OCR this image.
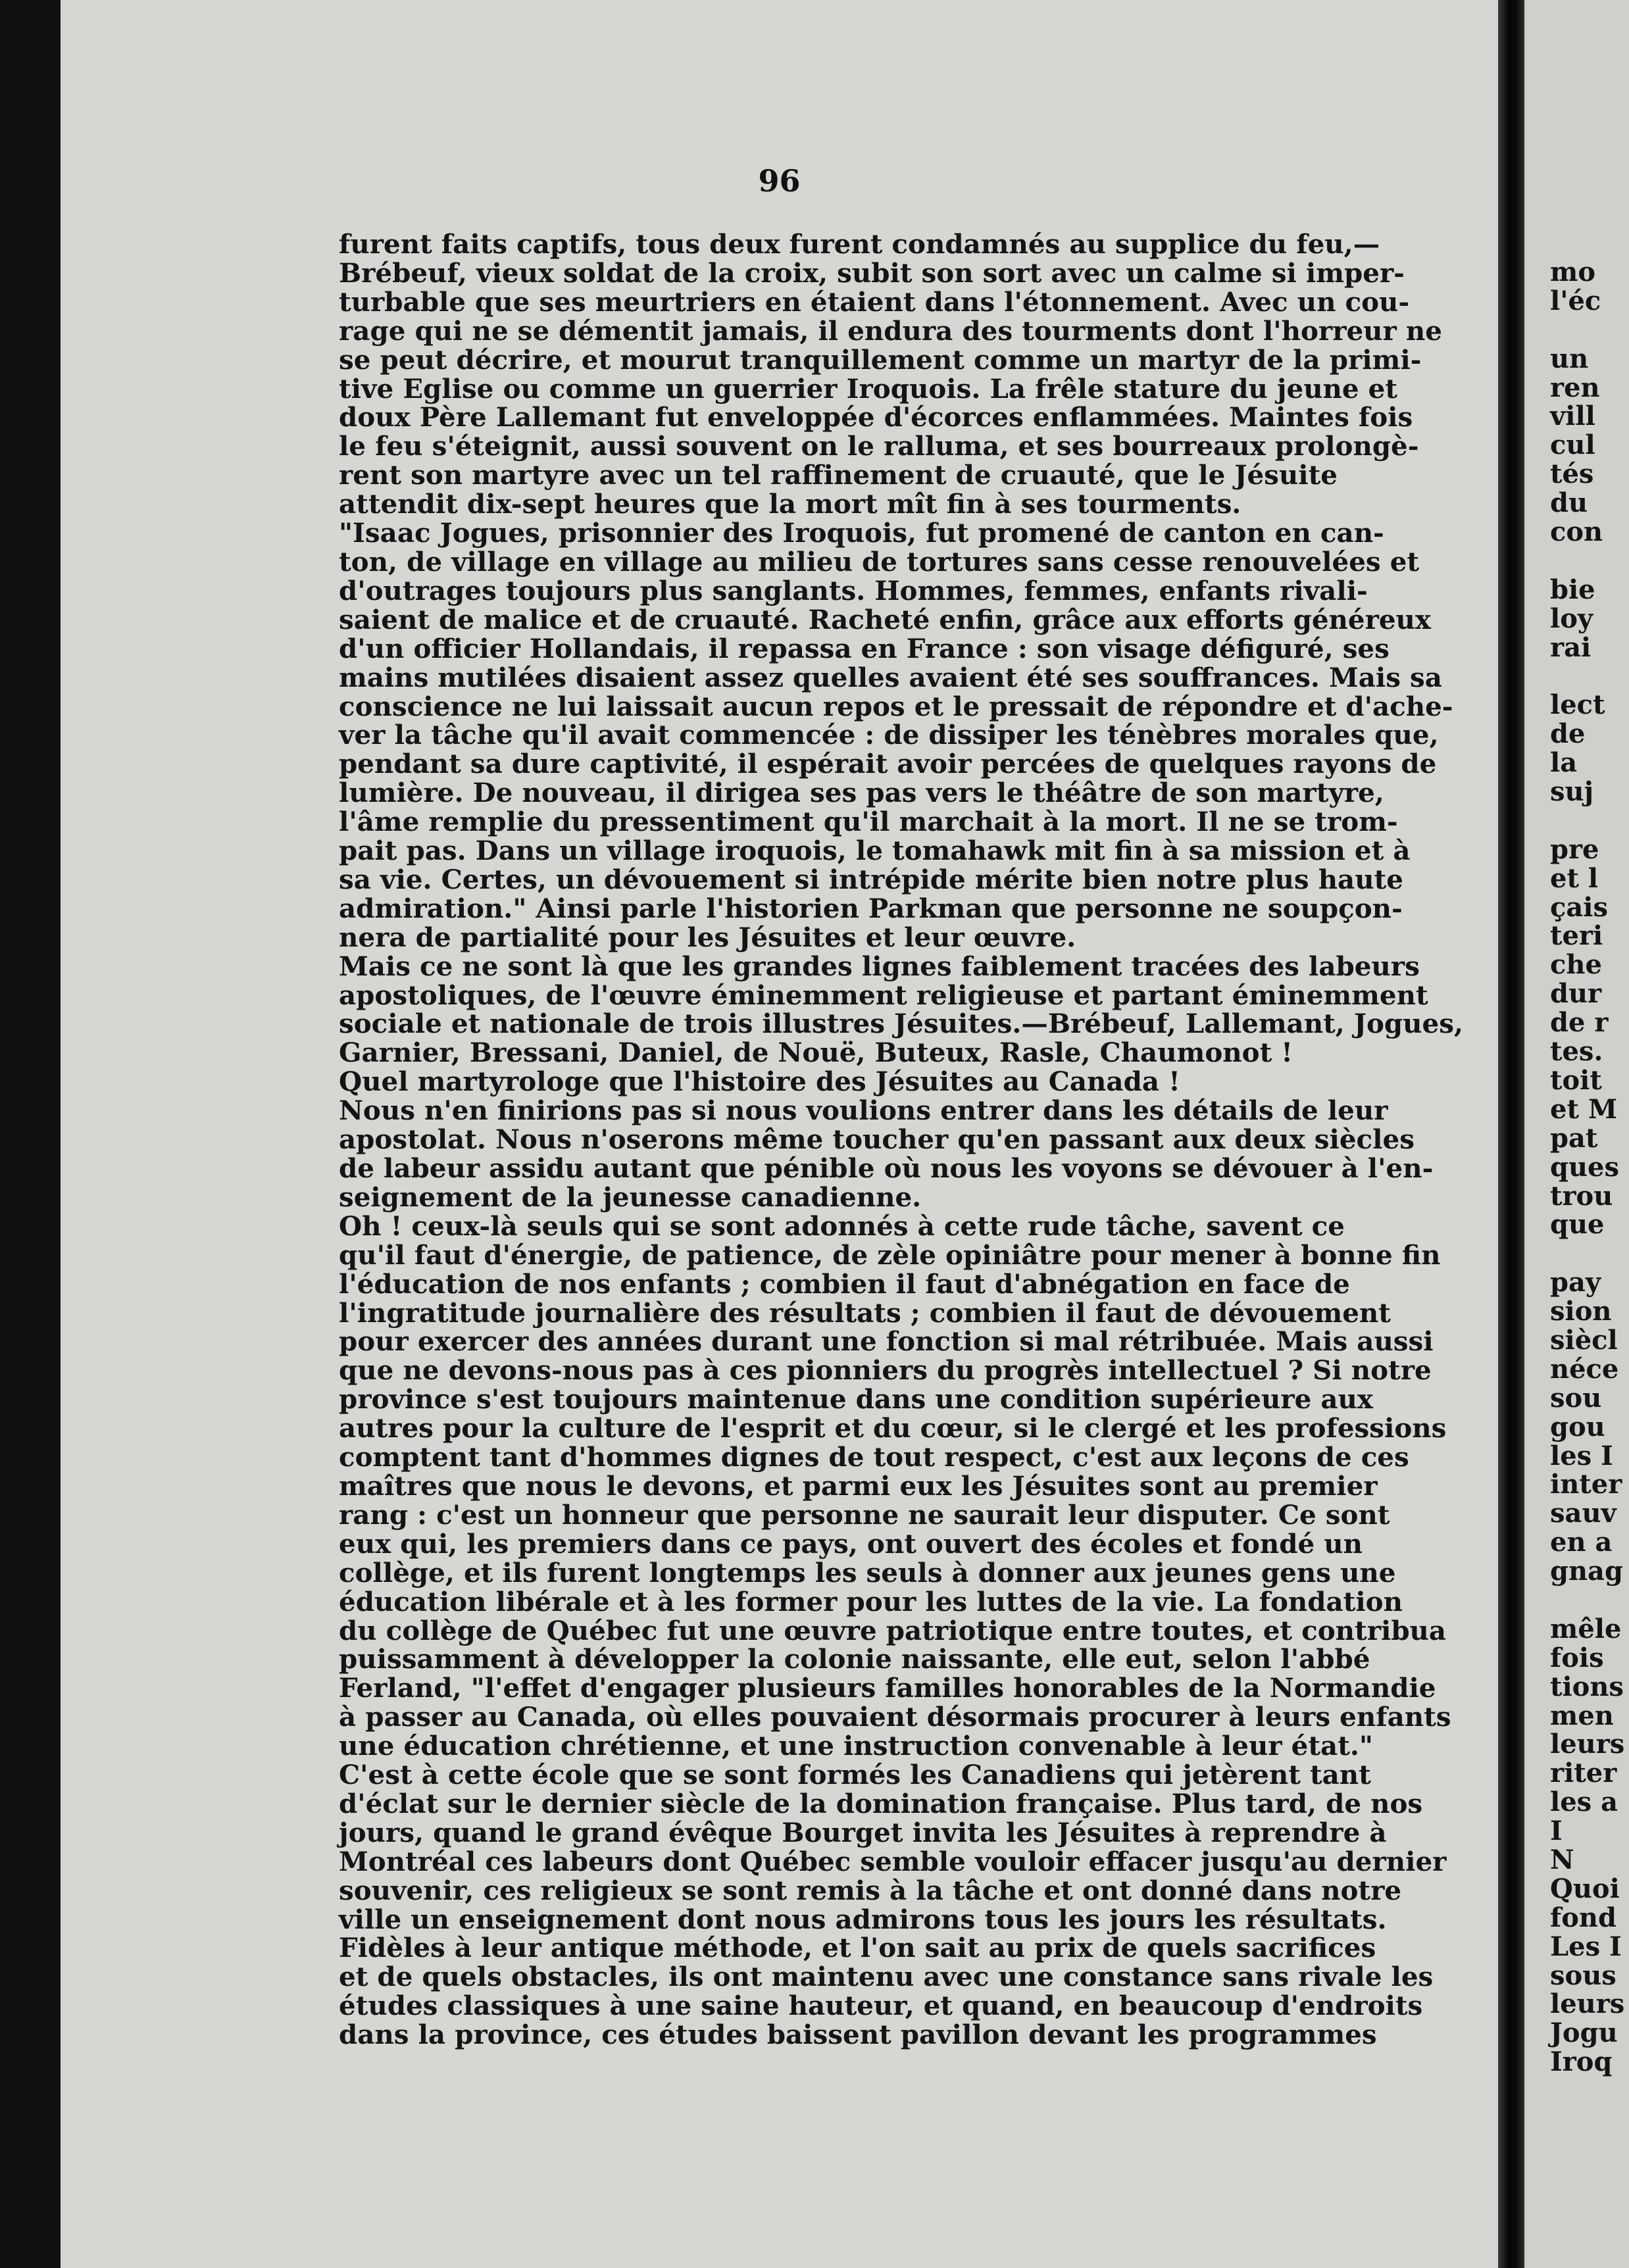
96
furent faits captifs, tous deux furent condamnés au supplice du feu,—
Brébeuf, vieux soldat de la croix, subit son sort avec un calme si imper-
turbable que ses meurtriers en étaient dans l'étonnement. Avec un cou-
rage qui ne se démentit jamais, il endura des tourments dont l'horreur ne
se peut décrire, et mourut tranquillement comme un martyr de la primi-
tive Eglise ou comme un guerrier Iroquois. La frêle stature du jeune et
doux Père Lallemant fut enveloppée d'écorces enflammées. Maintes fois
le feu s'éteignit, aussi souvent on le ralluma, et ses bourreaux prolongè-
rent son martyre avec un tel raffinement de cruauté, que le Jésuite
attendit dix-sept heures que la mort mît fin à ses tourments.
"Isaac Jogues, prisonnier des Iroquois, fut promené de canton en can-
ton, de village en village au milieu de tortures sans cesse renouvelées et
d'outrages toujours plus sanglants. Hommes, femmes, enfants rivali-
saient de malice et de cruauté. Racheté enfin, grâce aux efforts généreux
d'un officier Hollandais, il repassa en France : son visage défiguré, ses
mains mutilées disaient assez quelles avaient été ses souffrances. Mais sa
conscience ne lui laissait aucun repos et le pressait de répondre et d'ache-
ver la tâche qu'il avait commencée : de dissiper les ténèbres morales que,
pendant sa dure captivité, il espérait avoir percées de quelques rayons de
lumière. De nouveau, il dirigea ses pas vers le théâtre de son martyre,
l'âme remplie du pressentiment qu'il marchait à la mort. Il ne se trom-
pait pas. Dans un village iroquois, le tomahawk mit fin à sa mission et à
sa vie. Certes, un dévouement si intrépide mérite bien notre plus haute
admiration." Ainsi parle l'historien Parkman que personne ne soupçon-
nera de partialité pour les Jésuites et leur œuvre.
Mais ce ne sont là que les grandes lignes faiblement tracées des labeurs
apostoliques, de l'œuvre éminemment religieuse et partant éminemment
sociale et nationale de trois illustres Jésuites.—Brébeuf, Lallemant, Jogues,
Garnier, Bressani, Daniel, de Nouë, Buteux, Rasle, Chaumonot !
Quel martyrologe que l'histoire des Jésuites au Canada !
Nous n'en finirions pas si nous voulions entrer dans les détails de leur
apostolat. Nous n'oserons même toucher qu'en passant aux deux siècles
de labeur assidu autant que pénible où nous les voyons se dévouer à l'en-
seignement de la jeunesse canadienne.
Oh ! ceux-là seuls qui se sont adonnés à cette rude tâche, savent ce
qu'il faut d'énergie, de patience, de zèle opiniâtre pour mener à bonne fin
l'éducation de nos enfants ; combien il faut d'abnégation en face de
l'ingratitude journalière des résultats ; combien il faut de dévouement
pour exercer des années durant une fonction si mal rétribuée. Mais aussi
que ne devons-nous pas à ces pionniers du progrès intellectuel ? Si notre
province s'est toujours maintenue dans une condition supérieure aux
autres pour la culture de l'esprit et du cœur, si le clergé et les professions
comptent tant d'hommes dignes de tout respect, c'est aux leçons de ces
maîtres que nous le devons, et parmi eux les Jésuites sont au premier
rang : c'est un honneur que personne ne saurait leur disputer. Ce sont
eux qui, les premiers dans ce pays, ont ouvert des écoles et fondé un
collège, et ils furent longtemps les seuls à donner aux jeunes gens une
éducation libérale et à les former pour les luttes de la vie. La fondation
du collège de Québec fut une œuvre patriotique entre toutes, et contribua
puissamment à développer la colonie naissante, elle eut, selon l'abbé
Ferland, "l'effet d'engager plusieurs familles honorables de la Normandie
à passer au Canada, où elles pouvaient désormais procurer à leurs enfants
une éducation chrétienne, et une instruction convenable à leur état."
C'est à cette école que se sont formés les Canadiens qui jetèrent tant
d'éclat sur le dernier siècle de la domination française. Plus tard, de nos
jours, quand le grand évêque Bourget invita les Jésuites à reprendre à
Montréal ces labeurs dont Québec semble vouloir effacer jusqu'au dernier
souvenir, ces religieux se sont remis à la tâche et ont donné dans notre
ville un enseignement dont nous admirons tous les jours les résultats.
Fidèles à leur antique méthode, et l'on sait au prix de quels sacrifices
et de quels obstacles, ils ont maintenu avec une constance sans rivale les
études classiques à une saine hauteur, et quand, en beaucoup d'endroits
dans la province, ces études baissent pavillon devant les programmes
mo
l'éc
un
ren
vill
cul
tés
du
con
bie
loy
rai
lect
de
la
suj
pre
et l
çais
teri
che
dur
de r
tes.
toit
et M
pat
ques
trou
que
pay
sion
siècl
néce
sou
gou
les I
inter
sauv
en a
gnag
mêle
fois
tions
men
leurs
riter
les a
I
N
Quoi
fond
Les I
sous
leurs
Jogu
Iroq
